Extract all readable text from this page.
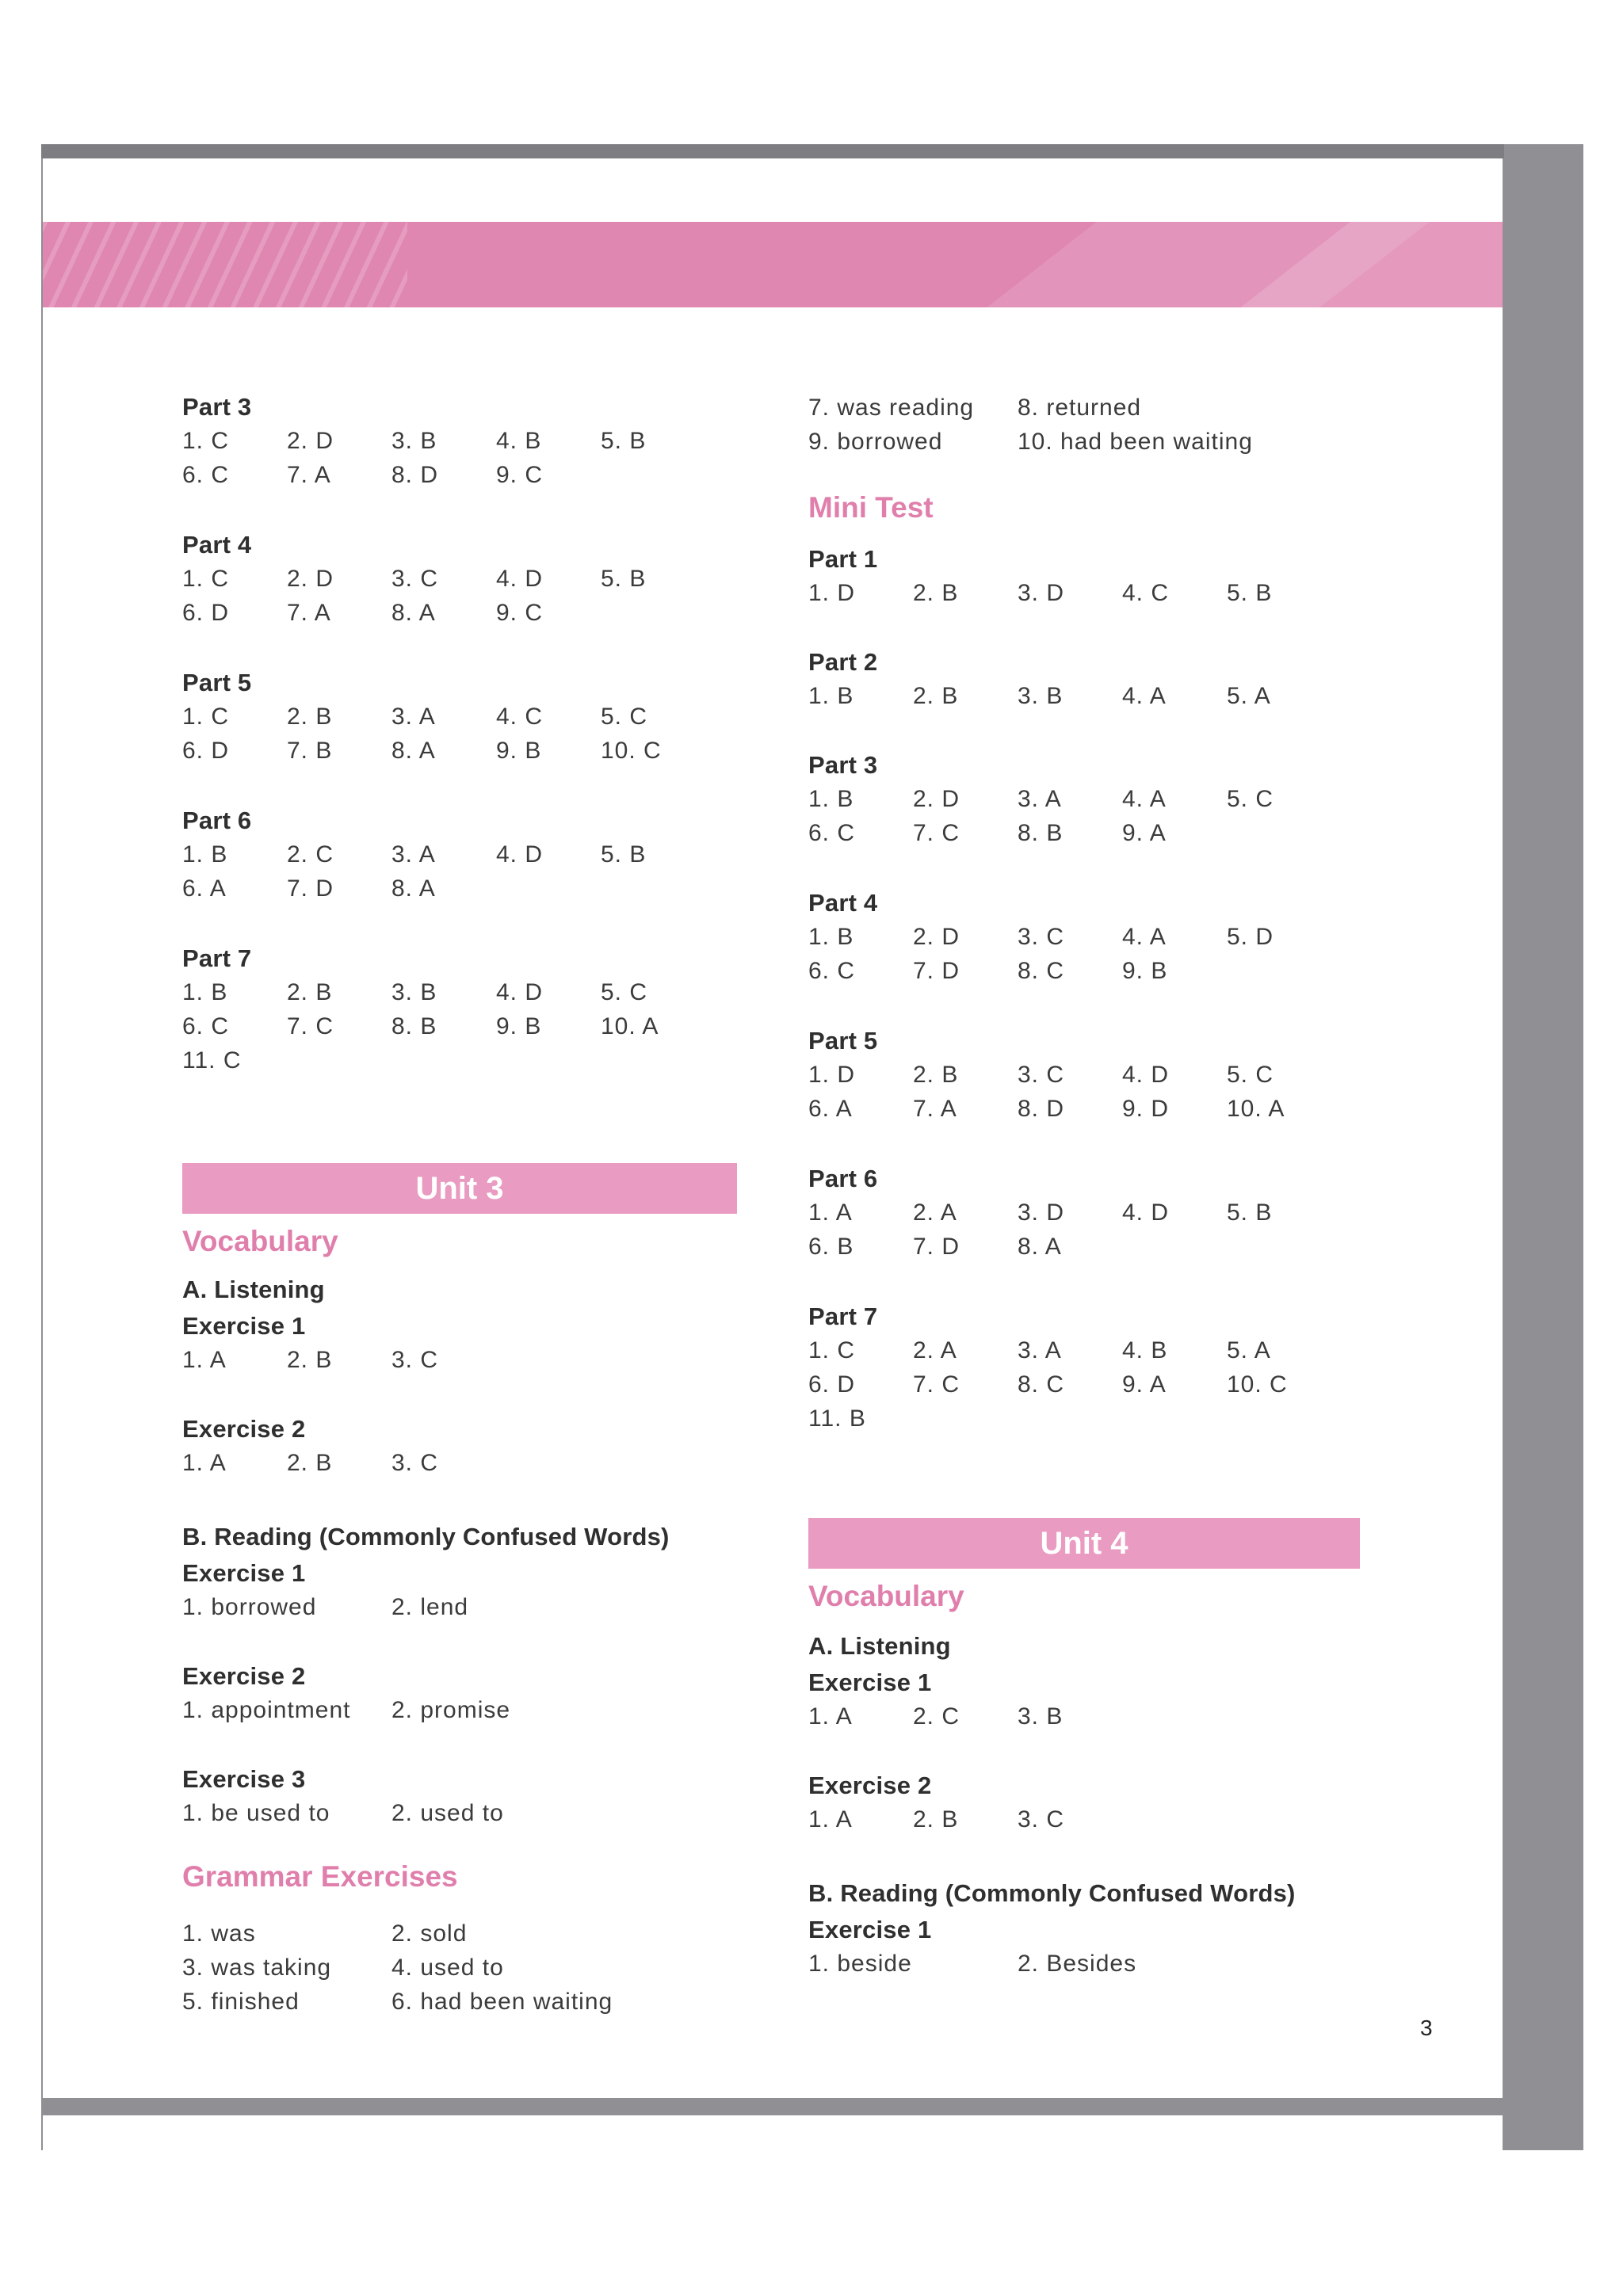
Part 3
1. C 2. D 3. B 4. B 5. B
6. C 7. A	8. D 9. C
Part 4
1. C 2. D 3. C 4. D 5. B
6. D 7. A	8. A	9. C
Part 5
1. C 2. B 3. A	4. C 5. C
6. D 7. B 8. A	9. B 10. C
Part 6
1. B 2. C 3. A	4. D 5. B
6. A	7. D 8. A
Part 7
1. B 2. B 3. B 4. D 5. C
6. C 7. C 8. B 9. B 10. A
11. C
Unit 3
Vocabulary
A. Listening
Exercise 1
1. A	2. B 3. C
Exercise 2
1. A	2. B 3. C
B. Reading (Commonly Confused Words)
Exercise 1
1. borrowed	2. lend
Exercise 2
1. appointment 2. promise
Exercise 3
1. be used to	2. used to
Grammar Exercises
1. was	2. sold
3. was taking	4. used to
5. finished	6. had been waiting
7. was reading 8. returned
9. borrowed	10. had been waiting
Mini Test
Part 1
1. D 2. B 3. D 4. C 5. B
Part 2
1. B 2. B 3. B 4. A	5. A
Part 3
1. B 2. D 3. A	4. A	5. C
6. C 7. C 8. B 9. A
Part 4
1. B 2. D 3. C 4. A	5. D
6. C 7. D 8. C 9. B
Part 5
1. D 2. B 3. C 4. D 5. C
6. A	7. A	8. D 9. D 10. A
Part 6
1. A	2. A	3. D 4. D 5. B
6. B 7. D 8. A
Part 7
1. C 2. A	3. A	4. B 5. A
6. D 7. C 8. C 9. A	10. C
11. B
Unit 4
Vocabulary
A. Listening
Exercise 1
1. A	2. C 3. B
Exercise 2
1. A	2. B 3. C
B. Reading (Commonly Confused Words)
Exercise 1
1. beside	2. Besides
3
